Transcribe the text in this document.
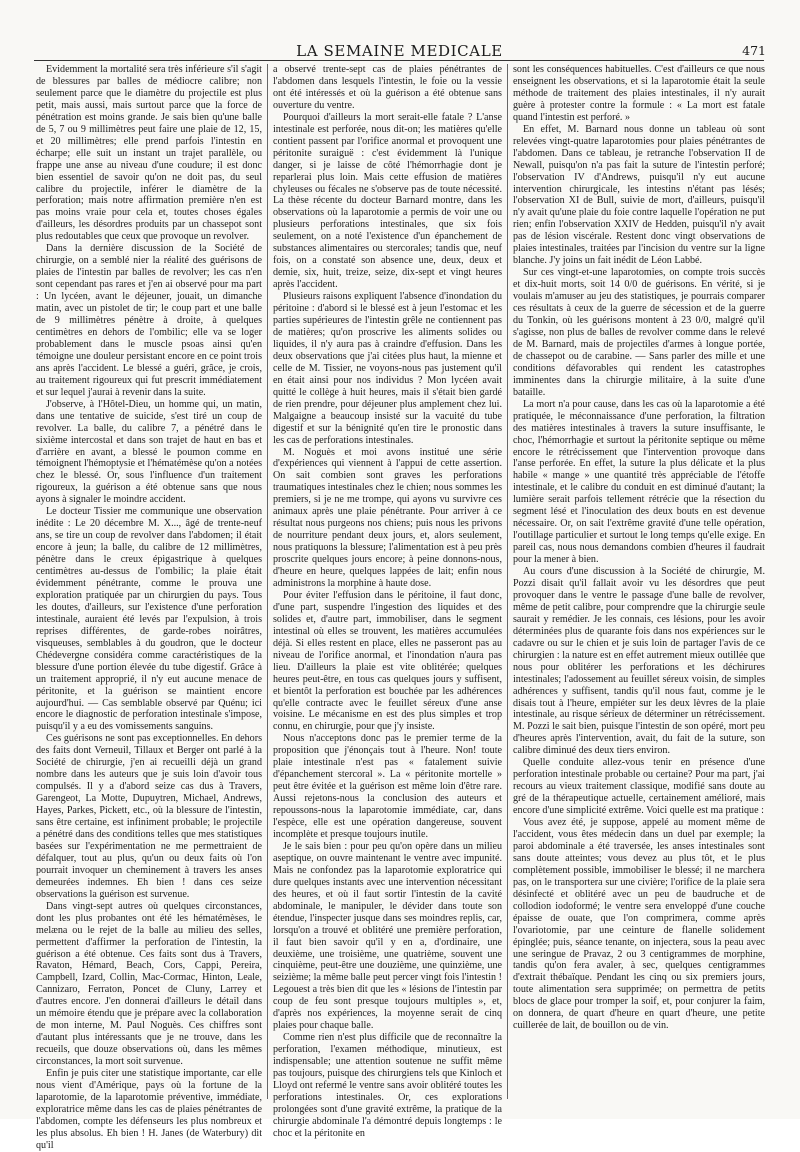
LA SEMAINE MEDICALE	471

Evidemment la mortalité sera très inférieure s'il s'agit de blessures par balles de médiocre calibre; non seulement parce que le diamètre du projectile est plus petit, mais aussi, mais surtout parce que la force de pénétration est moins grande. Je sais bien qu'une balle de 5, 7 ou 9 millimètres peut faire une plaie de 12, 15, et 20 millimètres; elle prend parfois l'intestin en écharpe; elle suit un instant un trajet parallèle, ou frappe une anse au niveau d'une coudure; il est donc bien essentiel de savoir qu'on ne doit pas, du seul calibre du projectile, inférer le diamètre de la perforation; mais notre affirmation première n'en est pas moins vraie pour cela et, toutes choses égales d'ailleurs, les désordres produits par un chassepot sont plus redoutables que ceux que provoque un revolver.

Dans la dernière discussion de la Société de chirurgie, on a semblé nier la réalité des guérisons de plaies de l'intestin par balles de revolver; les cas n'en sont cependant pas rares et j'en ai observé pour ma part : Un lycéen, avant le déjeuner, jouait, un dimanche matin, avec un pistolet de tir; le coup part et une balle de 9 millimètres pénètre à droite, à quelques centimètres en dehors de l'ombilic; elle va se loger probablement dans le muscle psoas ainsi qu'en témoigne une douleur persistant encore en ce point trois ans après l'accident. Le blessé a guéri, grâce, je crois, au traitement rigoureux qui fut prescrit immédiatement et sur lequel j'aurai à revenir dans la suite.

J'observe, à l'Hôtel-Dieu, un homme qui, un matin, dans une tentative de suicide, s'est tiré un coup de revolver. La balle, du calibre 7, a pénétré dans le sixième intercostal et dans son trajet de haut en bas et d'arrière en avant, a blessé le poumon comme en témoignent l'hémoptysie et l'hématémèse qu'on a notées chez le blessé. Or, sous l'influence d'un traitement rigoureux, la guérison a été obtenue sans que nous ayons à signaler le moindre accident.

Le docteur Tissier me communique une observation inédite : Le 20 décembre M. X..., âgé de trente-neuf ans, se tire un coup de revolver dans l'abdomen; il était encore à jeun; la balle, du calibre de 12 millimètres, pénètre dans le creux épigastrique à quelques centimètres au-dessus de l'ombilic; la plaie était évidemment pénétrante, comme le prouva une exploration pratiquée par un chirurgien du pays. Tous les doutes, d'ailleurs, sur l'existence d'une perforation intestinale, auraient été levés par l'expulsion, à trois reprises différentes, de garde-robes noirâtres, visqueuses, semblables à du goudron, que le docteur Chédevergne considéra comme caractéristiques de la blessure d'une portion élevée du tube digestif. Grâce à un traitement approprié, il n'y eut aucune menace de péritonite, et la guérison se maintient encore aujourd'hui. — Cas semblable observé par Quénu; ici encore le diagnostic de perforation intestinale s'impose, puisqu'il y a eu des vomissements sanguins.

Ces guérisons ne sont pas exceptionnelles. En dehors des faits dont Verneuil, Tillaux et Berger ont parlé à la Société de chirurgie, j'en ai recueilli déjà un grand nombre dans les auteurs que je suis loin d'avoir tous compulsés. Il y a d'abord seize cas dus à Travers, Garengeot, La Motte, Dupuytren, Michael, Andrews, Hayes, Parkes, Pickett, etc., où la blessure de l'intestin, sans être certaine, est infiniment probable; le projectile a pénétré dans des conditions telles que mes statistiques basées sur l'expérimentation ne me permettraient de défalquer, tout au plus, qu'un ou deux faits où l'on pourrait invoquer un cheminement à travers les anses demeurées indemnes. Eh bien ! dans ces seize observations la guérison est survenue.

Dans vingt-sept autres où quelques circonstances, dont les plus probantes ont été les hématémèses, le melæna ou le rejet de la balle au milieu des selles, permettent d'affirmer la perforation de l'intestin, la guérison a été obtenue. Ces faits sont dus à Travers, Ravaton, Hémard, Beach, Cors, Cappi, Pereira, Campbell, Izard, Collin, Mac-Cormac, Hinton, Leale, Cannizaro, Ferraton, Poncet de Cluny, Larrey et d'autres encore. J'en donnerai d'ailleurs le détail dans un mémoire étendu que je prépare avec la collaboration de mon interne, M. Paul Noguès. Ces chiffres sont d'autant plus intéressants que je ne trouve, dans les recueils, que douze observations où, dans les mêmes circonstances, la mort soit survenue.

Enfin je puis citer une statistique importante, car elle nous vient d'Amérique, pays où la fortune de la laparotomie, de la laparotomie préventive, immédiate, exploratrice même dans les cas de plaies pénétrantes de l'abdomen, compte les défenseurs les plus nombreux et les plus absolus. Eh bien ! H. Janes (de Waterbury) dit qu'il

a observé trente-sept cas de plaies pénétrantes de l'abdomen dans lesquels l'intestin, le foie ou la vessie ont été intéressés et où la guérison a été obtenue sans ouverture du ventre.

Pourquoi d'ailleurs la mort serait-elle fatale ? L'anse intestinale est perforée, nous dit-on; les matières qu'elle contient passent par l'orifice anormal et provoquent une péritonite suraiguë : c'est évidemment là l'unique danger, si je laisse de côté l'hémorrhagie dont je reparlerai plus loin. Mais cette effusion de matières chyleuses ou fécales ne s'observe pas de toute nécessité. La thèse récente du docteur Barnard montre, dans les observations où la laparotomie a permis de voir une ou plusieurs perforations intestinales, que six fois seulement, on a noté l'existence d'un épanchement de substances alimentaires ou stercorales; tandis que, neuf fois, on a constaté son absence une, deux, deux et demie, six, huit, treize, seize, dix-sept et vingt heures après l'accident.

Plusieurs raisons expliquent l'absence d'inondation du péritoine : d'abord si le blessé est à jeun l'estomac et les parties supérieures de l'intestin grêle ne contiennent pas de matières; qu'on proscrive les aliments solides ou liquides, il n'y aura pas à craindre d'effusion. Dans les deux observations que j'ai citées plus haut, la mienne et celle de M. Tissier, ne voyons-nous pas justement qu'il en était ainsi pour nos individus ? Mon lycéen avait quitté le collège à huit heures, mais il s'était bien gardé de rien prendre, pour déjeuner plus amplement chez lui. Malgaigne a beaucoup insisté sur la vacuité du tube digestif et sur la bénignité qu'en tire le pronostic dans les cas de perforations intestinales.

M. Noguès et moi avons institué une série d'expériences qui viennent à l'appui de cette assertion. On sait combien sont graves les perforations traumatiques intestinales chez le chien; nous sommes les premiers, si je ne me trompe, qui ayons vu survivre ces animaux après une plaie pénétrante. Pour arriver à ce résultat nous purgeons nos chiens; puis nous les privons de nourriture pendant deux jours, et, alors seulement, nous pratiquons la blessure; l'alimentation est à peu près proscrite quelques jours encore; à peine donnons-nous, d'heure en heure, quelques lappées de lait; enfin nous administrons la morphine à haute dose.

Pour éviter l'effusion dans le péritoine, il faut donc, d'une part, suspendre l'ingestion des liquides et des solides et, d'autre part, immobiliser, dans le segment intestinal où elles se trouvent, les matières accumulées déjà. Si elles restent en place, elles ne passeront pas au niveau de l'orifice anormal, et l'inondation n'aura pas lieu. D'ailleurs la plaie est vite oblitérée; quelques heures peut-être, en tous cas quelques jours y suffisent, et bientôt la perforation est bouchée par les adhérences qu'elle contracte avec le feuillet séreux d'une anse voisine. Le mécanisme en est des plus simples et trop connu, en chirurgie, pour que j'y insiste.

Nous n'acceptons donc pas le premier terme de la proposition que j'énonçais tout à l'heure. Non! toute plaie intestinale n'est pas « fatalement suivie d'épanchement stercoral ». La « péritonite mortelle » peut être évitée et la guérison est même loin d'être rare. Aussi rejetons-nous la conclusion des auteurs et repoussons-nous la laparotomie immédiate, car, dans l'espèce, elle est une opération dangereuse, souvent incomplète et presque toujours inutile.

Je le sais bien : pour peu qu'on opère dans un milieu aseptique, on ouvre maintenant le ventre avec impunité. Mais ne confondez pas la laparotomie exploratrice qui dure quelques instants avec une intervention nécessitant des heures, et où il faut sortir l'intestin de la cavité abdominale, le manipuler, le dévider dans toute son étendue, l'inspecter jusque dans ses moindres replis, car, lorsqu'on a trouvé et oblitéré une première perforation, il faut bien savoir qu'il y en a, d'ordinaire, une deuxième, une troisième, une quatrième, souvent une cinquième, peut-être une douzième, une quinzième, une seizième; la même balle peut percer vingt fois l'intestin ! Legouest a très bien dit que les « lésions de l'intestin par coup de feu sont presque toujours multiples », et, d'après nos expériences, la moyenne serait de cinq plaies pour chaque balle.

Comme rien n'est plus difficile que de reconnaître la perforation, l'examen méthodique, minutieux, est indispensable; une attention soutenue ne suffit même pas toujours, puisque des chirurgiens tels que Kinloch et Lloyd ont refermé le ventre sans avoir oblitéré toutes les perforations intestinales. Or, ces explorations prolongées sont d'une gravité extrême, la pratique de la chirurgie abdominale l'a démontré depuis longtemps : le choc et la péritonite en

sont les conséquences habituelles. C'est d'ailleurs ce que nous enseignent les observations, et si la laparotomie était la seule méthode de traitement des plaies intestinales, il n'y aurait guère à protester contre la formule : « La mort est fatale quand l'intestin est perforé. »

En effet, M. Barnard nous donne un tableau où sont relevées vingt-quatre laparotomies pour plaies pénétrantes de l'abdomen. Dans ce tableau, je retranche l'observation II de Newall, puisqu'on n'a pas fait la suture de l'intestin perforé; l'observation IV d'Andrews, puisqu'il n'y eut aucune intervention chirurgicale, les intestins n'étant pas lésés; l'observation XI de Bull, suivie de mort, d'ailleurs, puisqu'il n'y avait qu'une plaie du foie contre laquelle l'opération ne put rien; enfin l'observation XXIV de Hedden, puisqu'il n'y avait pas de lésion viscérale. Restent donc vingt observations de plaies intestinales, traitées par l'incision du ventre sur la ligne blanche. J'y joins un fait inédit de Léon Labbé.

Sur ces vingt-et-une laparotomies, on compte trois succès et dix-huit morts, soit 14 0/0 de guérisons. En vérité, si je voulais m'amuser au jeu des statistiques, je pourrais comparer ces résultats à ceux de la guerre de sécession et de la guerre du Tonkin, où les guérisons montent à 23 0/0, malgré qu'il s'agisse, non plus de balles de revolver comme dans le relevé de M. Barnard, mais de projectiles d'armes à longue portée, de chassepot ou de carabine. — Sans parler des mille et une conditions défavorables qui rendent les catastrophes imminentes dans la chirurgie militaire, à la suite d'une bataille.

La mort n'a pour cause, dans les cas où la laparotomie a été pratiquée, le méconnaissance d'une perforation, la filtration des matières intestinales à travers la suture insuffisante, le choc, l'hémorrhagie et surtout la péritonite septique ou même encore le rétrécissement que l'intervention provoque dans l'anse perforée. En effet, la suture la plus délicate et la plus habile « mange » une quantité très appréciable de l'étoffe intestinale, et le calibre du conduit en est diminué d'autant; la lumière serait parfois tellement rétrécie que la résection du segment lésé et l'inoculation des deux bouts en est devenue nécessaire. Or, on sait l'extrême gravité d'une telle opération, l'outillage particulier et surtout le long temps qu'elle exige. En pareil cas, nous nous demandons combien d'heures il faudrait pour la mener à bien.

Au cours d'une discussion à la Société de chirurgie, M. Pozzi disait qu'il fallait avoir vu les désordres que peut provoquer dans le ventre le passage d'une balle de revolver, même de petit calibre, pour comprendre que la chirurgie seule saurait y remédier. Je les connais, ces lésions, pour les avoir déterminées plus de quarante fois dans nos expériences sur le cadavre ou sur le chien et je suis loin de partager l'avis de ce chirurgien : la nature est en effet autrement mieux outillée que nous pour oblitérer les perforations et les déchirures intestinales; l'adossement au feuillet séreux voisin, de simples adhérences y suffisent, tandis qu'il nous faut, comme je le disais tout à l'heure, empiéter sur les deux lèvres de la plaie intestinale, au risque sérieux de déterminer un rétrécissement. M. Pozzi le sait bien, puisque l'intestin de son opéré, mort peu d'heures après l'intervention, avait, du fait de la suture, son calibre diminué des deux tiers environ.

Quelle conduite allez-vous tenir en présence d'une perforation intestinale probable ou certaine? Pour ma part, j'ai recours au vieux traitement classique, modifié sans doute au gré de la thérapeutique actuelle, certainement amélioré, mais encore d'une simplicité extrême. Voici quelle est ma pratique :

Vous avez été, je suppose, appelé au moment même de l'accident, vous êtes médecin dans un duel par exemple; la paroi abdominale a été traversée, les anses intestinales sont sans doute atteintes; vous devez au plus tôt, et le plus complètement possible, immobiliser le blessé; il ne marchera pas, on le transportera sur une civière; l'orifice de la plaie sera désinfecté et oblitéré avec un peu de baudruche et de collodion iodoformé; le ventre sera enveloppé d'une couche épaisse de ouate, que l'on comprimera, comme après l'ovariotomie, par une ceinture de flanelle solidement épinglée; puis, séance tenante, on injectera, sous la peau avec une seringue de Pravaz, 2 ou 3 centigrammes de morphine, tandis qu'on fera avaler, à sec, quelques centigrammes d'extrait thébaïque. Pendant les cinq ou six premiers jours, toute alimentation sera supprimée; on permettra de petits blocs de glace pour tromper la soif, et, pour conjurer la faim, on donnera, de quart d'heure en quart d'heure, une petite cuillerée de lait, de bouillon ou de vin.
